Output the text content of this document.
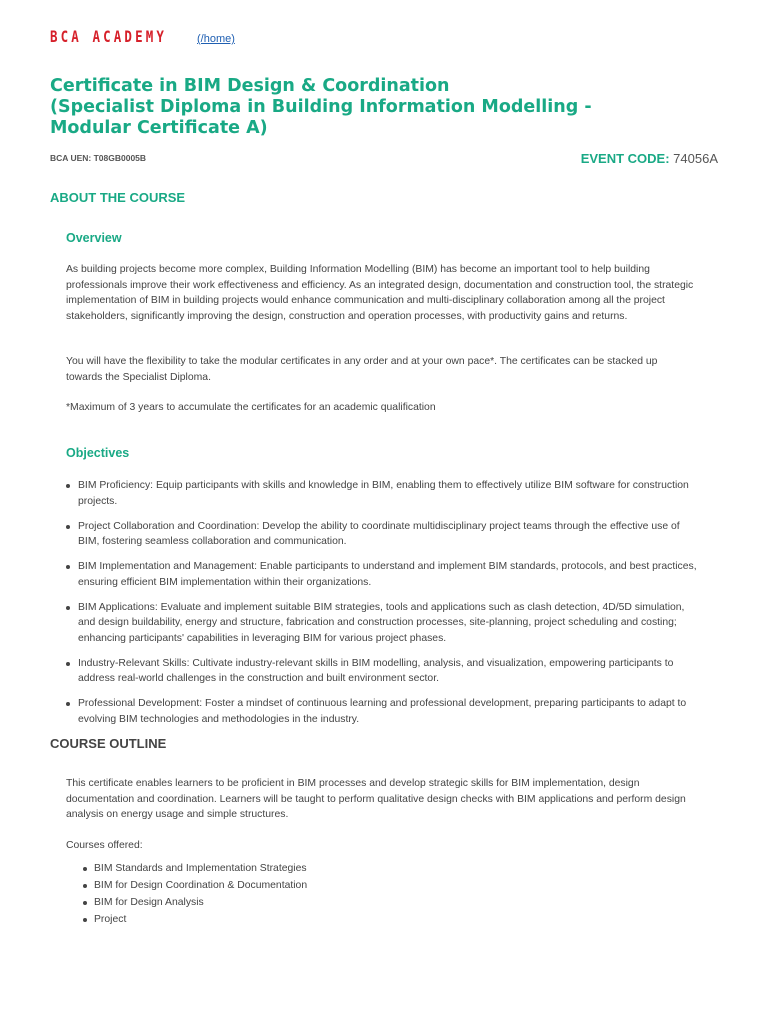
BCA ACADEMY	(/home)
Certificate in BIM Design & Coordination
(Specialist Diploma in Building Information Modelling -
Modular Certificate A)
BCA UEN: T08GB0005B	EVENT CODE: 74056A
ABOUT THE COURSE
Overview

As building projects become more complex, Building Information Modelling (BIM) has become an important tool to help building professionals improve their work effectiveness and efficiency. As an integrated design, documentation and construction tool, the strategic implementation of BIM in building projects would enhance communication and multi-disciplinary collaboration among all the project stakeholders, significantly improving the design, construction and operation processes, with productivity gains and returns.

You will have the flexibility to take the modular certificates in any order and at your own pace*. The certificates can be stacked up towards the Specialist Diploma.

*Maximum of 3 years to accumulate the certificates for an academic qualification

Objectives
BIM Proficiency: Equip participants with skills and knowledge in BIM, enabling them to effectively utilize BIM software for construction projects.
Project Collaboration and Coordination: Develop the ability to coordinate multidisciplinary project teams through the effective use of BIM, fostering seamless collaboration and communication.
BIM Implementation and Management: Enable participants to understand and implement BIM standards, protocols, and best practices, ensuring efficient BIM implementation within their organizations.
BIM Applications: Evaluate and implement suitable BIM strategies, tools and applications such as clash detection, 4D/5D simulation, and design buildability, energy and structure, fabrication and construction processes, site-planning, project scheduling and costing; enhancing participants' capabilities in leveraging BIM for various project phases.
Industry-Relevant Skills: Cultivate industry-relevant skills in BIM modelling, analysis, and visualization, empowering participants to address real-world challenges in the construction and built environment sector.
Professional Development: Foster a mindset of continuous learning and professional development, preparing participants to adapt to evolving BIM technologies and methodologies in the industry.
COURSE OUTLINE

This certificate enables learners to be proficient in BIM processes and develop strategic skills for BIM implementation, design documentation and coordination. Learners will be taught to perform qualitative design checks with BIM applications and perform design analysis on energy usage and simple structures.

Courses offered:

BIM Standards and Implementation Strategies
BIM for Design Coordination & Documentation
BIM for Design Analysis
Project
